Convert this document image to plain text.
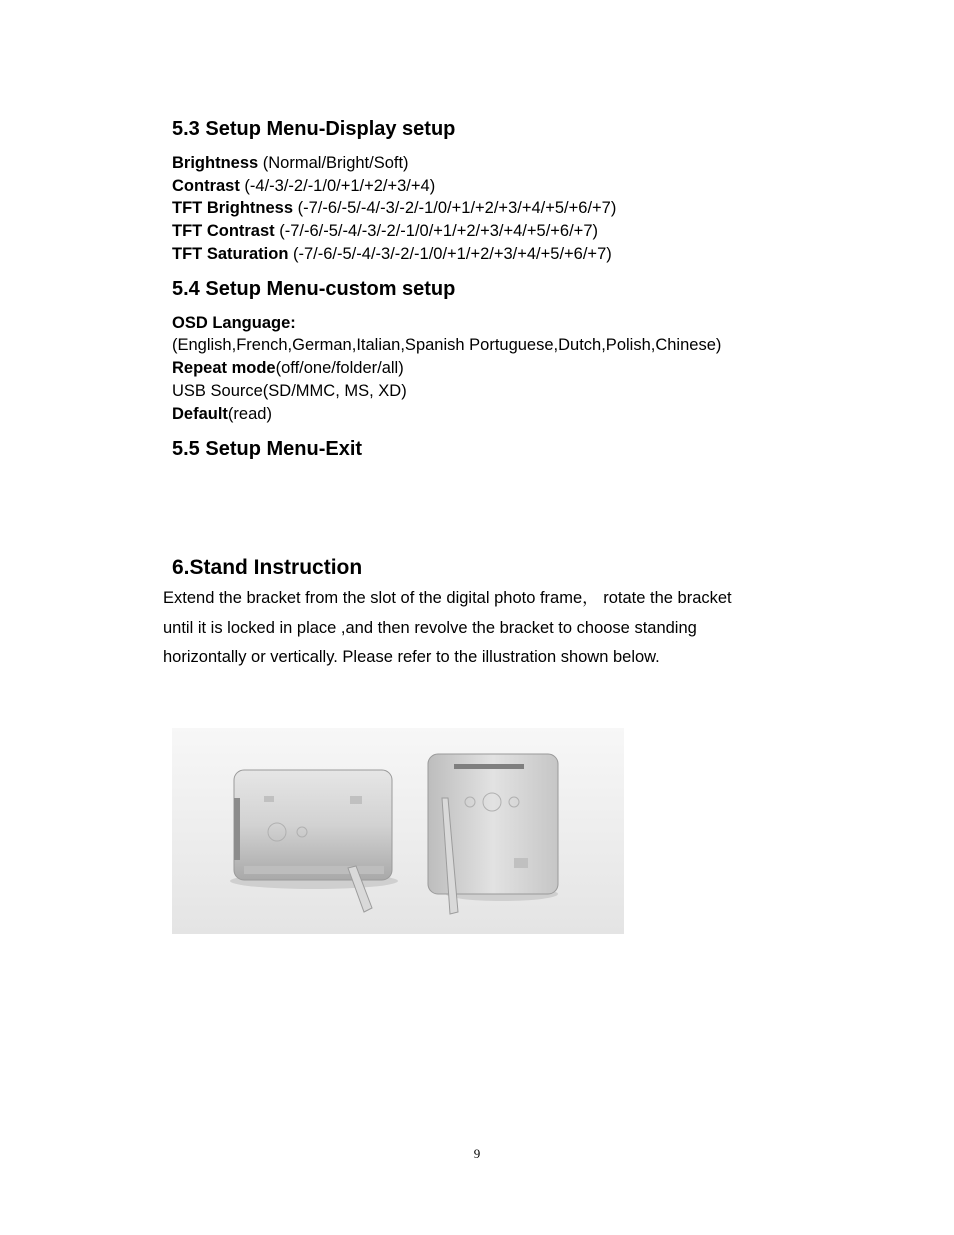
5.3 Setup Menu-Display setup
Brightness (Normal/Bright/Soft)
Contrast (-4/-3/-2/-1/0/+1/+2/+3/+4)
TFT Brightness (-7/-6/-5/-4/-3/-2/-1/0/+1/+2/+3/+4/+5/+6/+7)
TFT Contrast (-7/-6/-5/-4/-3/-2/-1/0/+1/+2/+3/+4/+5/+6/+7)
TFT Saturation (-7/-6/-5/-4/-3/-2/-1/0/+1/+2/+3/+4/+5/+6/+7)
5.4 Setup Menu-custom setup
OSD Language:
(English,French,German,Italian,Spanish Portuguese,Dutch,Polish,Chinese)
Repeat mode(off/one/folder/all)
USB Source(SD/MMC, MS, XD)
Default(read)
5.5 Setup Menu-Exit
6.Stand Instruction
Extend the bracket from the slot of the digital photo frame， rotate the bracket
until it is locked in place ,and then revolve the bracket to choose standing
horizontally or vertically. Please refer to the illustration shown below.
9
